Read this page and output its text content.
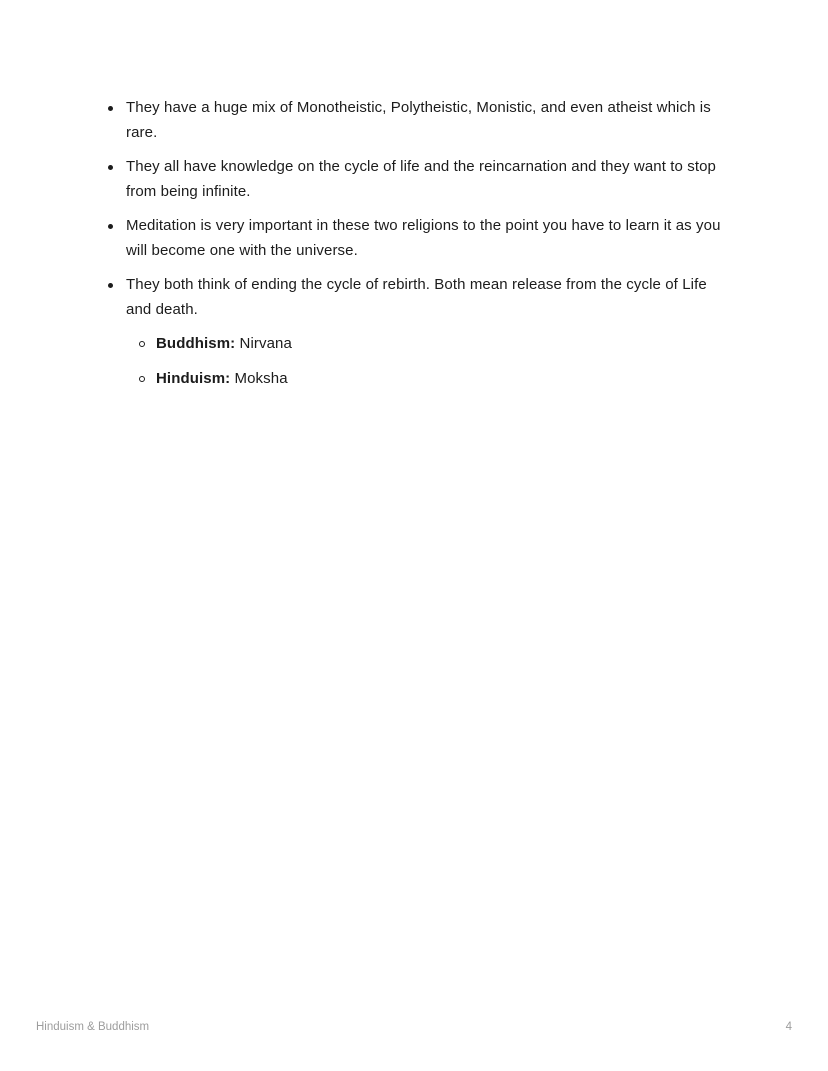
They have a huge mix of Monotheistic, Polytheistic, Monistic, and even atheist which is rare.
They all have knowledge on the cycle of life and the reincarnation and they want to stop from being infinite.
Meditation is very important in these two religions to the point you have to learn it as you will become one with the universe.
They both think of ending the cycle of rebirth. Both mean release from the cycle of Life and death.
Buddhism: Nirvana
Hinduism: Moksha
Hinduism & Buddhism	4
